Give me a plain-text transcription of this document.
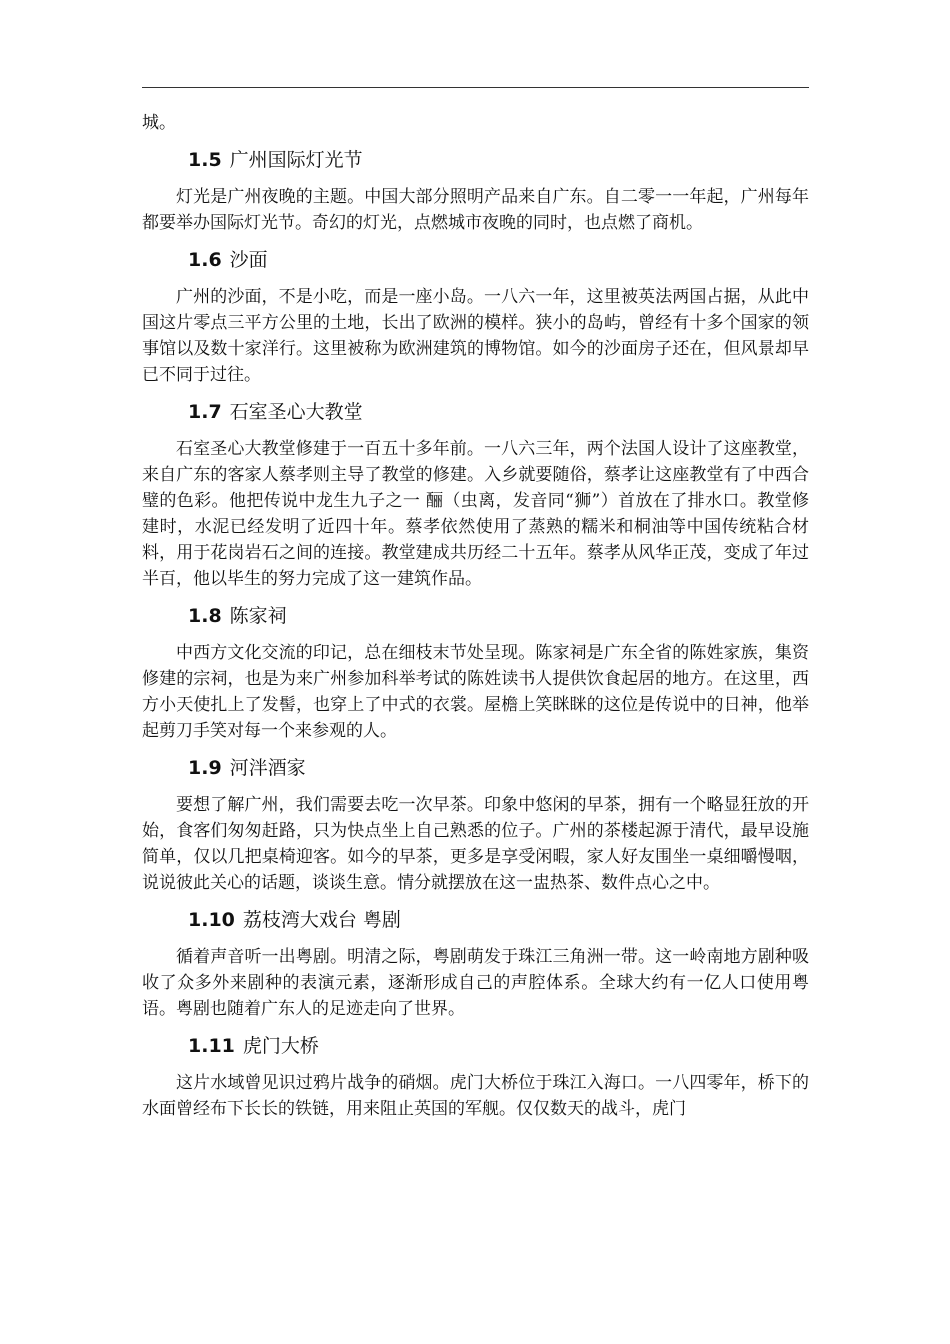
城。

1.5 广州国际灯光节

灯光是广州夜晚的主题。中国大部分照明产品来自广东。自二零一一年起，广州每年都要举办国际灯光节。奇幻的灯光，点燃城市夜晚的同时，也点燃了商机。

1.6 沙面

广州的沙面，不是小吃，而是一座小岛。一八六一年，这里被英法两国占据，从此中国这片零点三平方公里的土地，长出了欧洲的模样。狭小的岛屿，曾经有十多个国家的领事馆以及数十家洋行。这里被称为欧洲建筑的博物馆。如今的沙面房子还在，但风景却早已不同于过往。

1.7 石室圣心大教堂

石室圣心大教堂修建于一百五十多年前。一八六三年，两个法国人设计了这座教堂，来自广东的客家人蔡孝则主导了教堂的修建。入乡就要随俗，蔡孝让这座教堂有了中西合璧的色彩。他把传说中龙生九子之一 酾（虫离，发音同“狮”）首放在了排水口。教堂修建时，水泥已经发明了近四十年。蔡孝依然使用了蒸熟的糯米和桐油等中国传统粘合材料，用于花岗岩石之间的连接。教堂建成共历经二十五年。蔡孝从风华正茂，变成了年过半百，他以毕生的努力完成了这一建筑作品。

1.8 陈家祠

中西方文化交流的印记，总在细枝末节处呈现。陈家祠是广东全省的陈姓家族，集资修建的宗祠，也是为来广州参加科举考试的陈姓读书人提供饮食起居的地方。在这里，西方小天使扎上了发髻，也穿上了中式的衣裳。屋檐上笑眯眯的这位是传说中的日神，他举起剪刀手笑对每一个来参观的人。

1.9 河泮酒家

要想了解广州，我们需要去吃一次早茶。印象中悠闲的早茶，拥有一个略显狂放的开始，食客们匆匆赶路，只为快点坐上自己熟悉的位子。广州的茶楼起源于清代，最早设施简单，仅以几把桌椅迎客。如今的早茶，更多是享受闲暇，家人好友围坐一桌细嚼慢咽，说说彼此关心的话题，谈谈生意。情分就摆放在这一盅热茶、数件点心之中。

1.10 荔枝湾大戏台 粤剧

循着声音听一出粤剧。明清之际，粤剧萌发于珠江三角洲一带。这一岭南地方剧种吸收了众多外来剧种的表演元素，逐渐形成自己的声腔体系。全球大约有一亿人口使用粤语。粤剧也随着广东人的足迹走向了世界。

1.11 虎门大桥

这片水域曾见识过鸦片战争的硝烟。虎门大桥位于珠江入海口。一八四零年，桥下的水面曾经布下长长的铁链，用来阻止英国的军舰。仅仅数天的战斗，虎门
